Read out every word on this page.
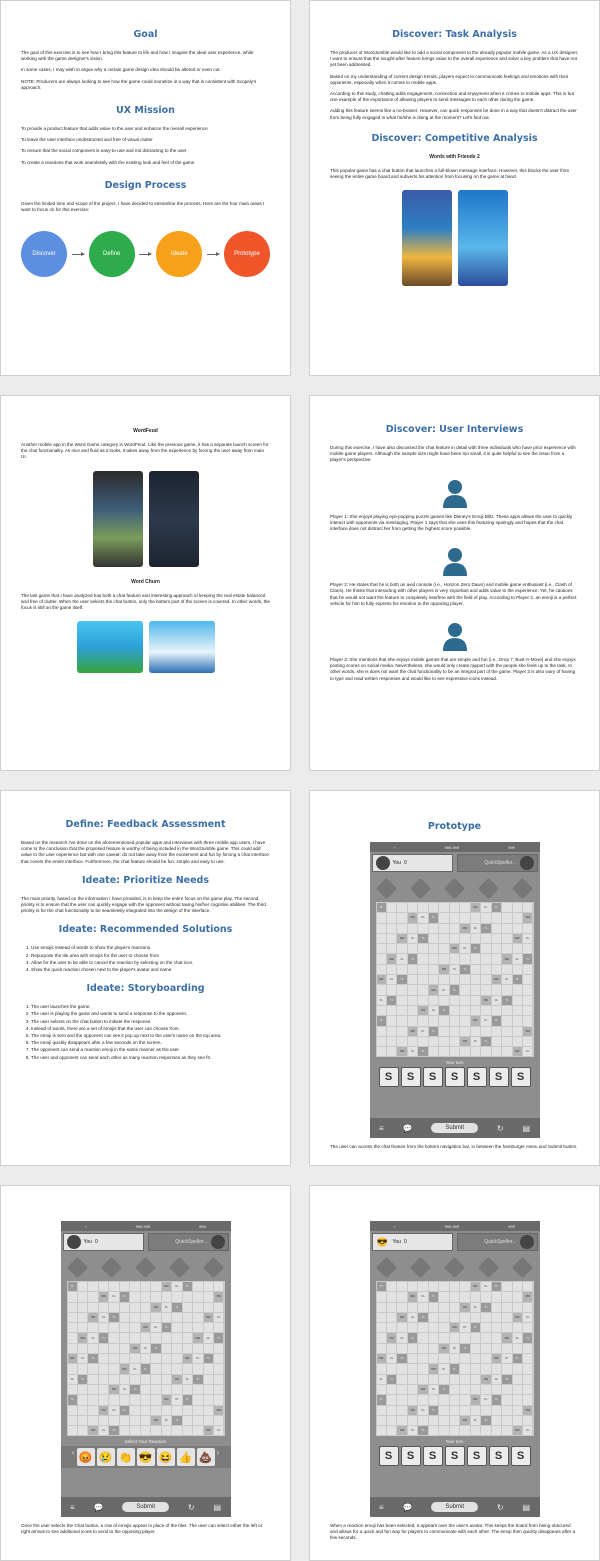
Goal

The goal of this exercise is to see how I bring this feature to life and how I imagine the ideal user experience, while working with the game designer's vision.

In some cases, I may wish to argue why a certain game design idea should be altered or even cut.

NOTE: Producers are always looking to see how the game could monetize in a way that is consistent with Scopely's approach.

UX Mission

To provide a product feature that adds value to the user and enhance the overall experience

To leave the user interface unobstructed and free of visual clutter

To ensure that the social component is easy-to-use and not distracting to the user

To create a reactions that work seamlessly with the existing look and feel of the game

Design Process

Given the limited time and scope of the project, I have decided to streamline the process. Here are the four main areas I want to focus on for this exercise:

Discover	Define	Ideate	Prototype
Discover: Task Analysis

The producer of WordJumble would like to add a social component to the already popular mobile game. As a UX designer, I want to ensure that the sought-after feature brings value to the overall experience and solve a key problem that have not yet been addressed.

Based on my understanding of current design trends, players expect to communicate feelings and emotions with their opponents, especially when it comes to mobile apps.

According to this study, chatting adds engagement, connection and enjoyment when it comes to mobile apps. This is but one example of the importance of allowing players to send messages to each other during the game.

Adding this feature seems like a no-brainer. However, can quick responses be done in a way that doesn't distract the user from being fully engaged in what he/she is doing at the moment? Let's find out.

Discover: Competitive Analysis
Words with Friends 2

This popular game has a chat button that launches a full-blown message interface. However, this blocks the user from seeing the entire game board and subverts his attention from focusing on the game at hand.

WordFeud

Another mobile app in the Word Game category is WordFeud. Like the previous game, it has a separate launch screen for the chat functionality. As nice and fluid as it looks, it takes away from the experience by forcing the user away from main UI.

Word Churn

The last game that I have analyzed has both a chat feature and interesting approach of keeping the real estate balanced and free of clutter. When the user selects the chat button, only the bottom part of the screen is covered. In other words, the focus is still on the game itself.

Discover: User Interviews

During this exercise, I have also discussed the chat feature in detail with three individuals who have prior experience with mobile game players. Although the sample size might have been too small, it is quite helpful to see the issue from a player's perspective.

Player 1: She enjoys playing eye-popping puzzle games like Disney's Emoji Blitz. These apps allows the user to quickly interact with opponents via messaging. Player 1 says that she uses this featuring sparingly and hopes that the chat interface does not distract her from getting the highest score possible.

Player 2: He states that he is both an avid console (i.e., Horizon Zero Dawn) and mobile game enthusiast (i.e., Clash of Clans). He thinks that interacting with other players is very important and adds value to the experience. Yet, he cautions that he would not want the feature to completely interfere with the field of play. According to Player 2, an emoji is a perfect vehicle for him to fully express his emotion to the opposing player.

Player 3: She mentions that she enjoys mobile games that are simple and fun (i.e., Drop 7, Bust-A-Move) and she enjoys posting scores on social media. Nevertheless, she would only create rapport with the people she feels up to the task. In other words, she is does not want the chat functionality to be an integral part of the game. Player 3 is also wary of having to type and read written responses and would like to see expressive icons instead.

Define: Feedback Assessment

Based on the research I've done on the aforementioned popular apps and interviews with three mobile app users, I have come to the conclusion that the proposed feature is worthy of being included in the WordJumble game. This could add value to the user experience but with one caveat: do not take away from the excitement and fun by forcing a chat interface that covers the entire interface. Furthermore, the chat feature should be fun, simple and easy to use.

Ideate: Prioritize Needs

The main priority, based on the information I have provided, is to keep the entire focus on the game play. The second priority is to ensure that the user can quickly engage with the opponent without taxing his/her cognitive abilities. The third priority is for the chat functionality to be seamlessly integrated into the design of the interface.

Ideate: Recommended Solutions
1. Use emojis instead of words to show the player's reactions.
2. Repurpose the tile area with emojis for the user to choose from
3. Allow for the user to be able to cancel the reaction by selecting on the chat icon.
4. Show the quick reaction chosen next to the player's avatar and name.
Ideate: Storyboarding
1. The user launches the game.
2. The user is playing the game and wants to send a response to the opponent.
3. The user selects on the chat button to initiate the response.
4. Instead of words, there are a set of emojis that the user can choose from.
5. The emoji is sent and the opponent can see it pop up next to the user's name on the top area.
6. The emoji quickly disappears after a few seconds on the screen.
7. The opponent can send a reaction emoji in the same manner as the user.
8. The user and opponent can send each other as many reaction responses as they see fit.
Prototype
‹	999,999	999
You 0	QuickSpeller...
TL	DW	DL	TL
DW	DL	TL	DW
DW	DL	TL
DW	DL	TL	DW	DL
DW	DL	TL
DW	DL	TL	DW	DL	TL
DW	DL	TL
DW	DL	TL	DW	DL	TL
DW	DL	TL
DL	TL	DW	DL	TL
DW	DL	TL
TL	DW	DL	TL
DW	DL	TL	DW
DW	DL	TL
DW	DL	TL	DW	DL
Your turn
S	S	S	S	S	S	S
≡ 💬	Submit	↻ ▤

The user can access the chat feature from the bottom navigation bar, in between the hamburger menu and Submit button.

‹	999,999	999
You 0	QuickSpeller...
TL	DW	DL	TL
DW	DL	TL	DW
DW	DL	TL
DW	DL	TL	DW	DL
DW	DL	TL
DW	DL	TL	DW	DL	TL
DW	DL	TL
DW	DL	TL	DW	DL	TL
DW	DL	TL
DL	TL	DW	DL	TL
DW	DL	TL
TL	DW	DL	TL
DW	DL	TL	DW
DW	DL	TL
DW	DL	TL	DW	DL
Select Your Reaction
‹ 😡 😢 👏 😎 😆 👍 💩 ›
≡ 💬	Submit	↻ ▤

Once the user selects the Chat button, a row of emojis appear in place of the tiles. The user can select either the left or right arrows to see additional icons to send to the opposing player.

‹	999,999	999
😎 You 0	QuickSpeller...
TL	DW	DL	TL
DW	DL	TL	DW
DW	DL	TL
DW	DL	TL	DW	DL
DW	DL	TL
DW	DL	TL	DW	DL	TL
DW	DL	TL
DW	DL	TL	DW	DL	TL
DW	DL	TL
DL	TL	DW	DL	TL
DW	DL	TL
TL	DW	DL	TL
DW	DL	TL	DW
DW	DL	TL
DW	DL	TL	DW	DL
Your turn
S	S	S	S	S	S	S
≡ 💬	Submit	↻ ▤

When a reaction emoji has been selected, it appears over the user's avatar. This keeps the board from being obscured and allows for a quick and fun way for players to communicate with each other. The emoji then quickly disappears after a few seconds.
